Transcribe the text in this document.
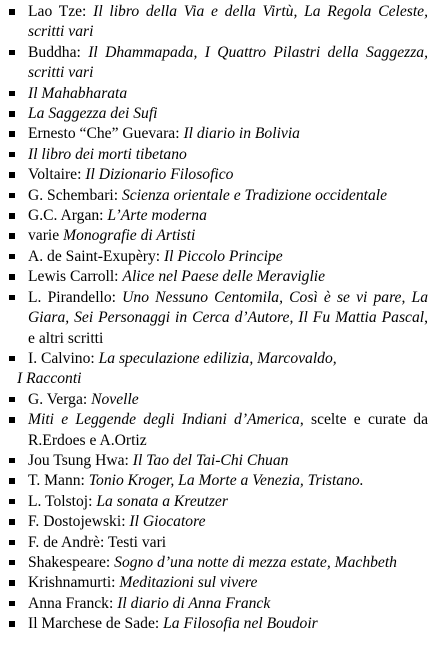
Lao Tze: Il libro della Via e della Virtù, La Regola Celeste, scritti vari
Buddha: Il Dhammapada, I Quattro Pilastri della Saggezza, scritti vari
Il Mahabharata
La Saggezza dei Sufi
Ernesto “Che” Guevara: Il diario in Bolivia
Il libro dei morti tibetano
Voltaire: Il Dizionario Filosofico
G. Schembari: Scienza orientale e Tradizione occidentale
G.C. Argan: L’Arte moderna
varie Monografie di Artisti
A. de Saint-Exupèry: Il Piccolo Principe
Lewis Carroll: Alice nel Paese delle Meraviglie
L. Pirandello: Uno Nessuno Centomila, Così è se vi pare, La Giara, Sei Personaggi in Cerca d’Autore, Il Fu Mattia Pascal, e altri scritti
I. Calvino: La speculazione edilizia, Marcovaldo,
I Racconti
G. Verga: Novelle
Miti e Leggende degli Indiani d’America, scelte e curate da R.Erdoes e A.Ortiz
Jou Tsung Hwa: Il Tao del Tai-Chi Chuan
T. Mann: Tonio Kroger, La Morte a Venezia, Tristano.
L. Tolstoj: La sonata a Kreutzer
F. Dostojewski: Il Giocatore
F. de Andrè: Testi vari
Shakespeare: Sogno d’una notte di mezza estate, Machbeth
Krishnamurti: Meditazioni sul vivere
Anna Franck: Il diario di Anna Franck
Il Marchese de Sade: La Filosofia nel Boudoir
